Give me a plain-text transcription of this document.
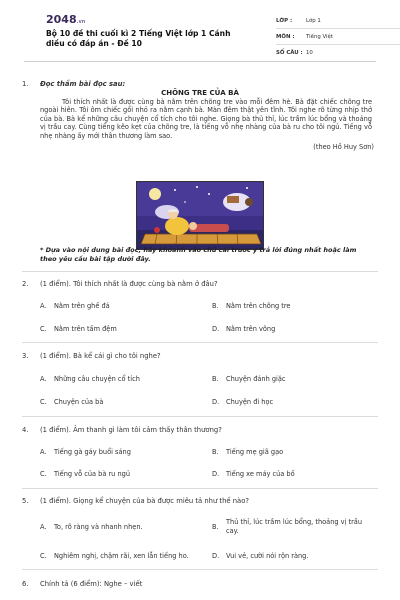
2048.vn
Bộ 10 đề thi cuối kì 2 Tiếng Việt lớp 1 Cánh diều có đáp án - Đề 10
LỚP :	Lớp 1
MÔN :	Tiếng Việt
SỐ CÂU : 10
1. Đọc thầm bài đọc sau:
CHÕNG TRE CỦA BÀ
Tôi thích nhất là được cùng bà nằm trên chõng tre vào mỗi đêm hè. Bà đặt chiếc chõng tre ngoài hiên. Tôi ôm chiếc gối nhỏ ra nằm cạnh bà. Màn đêm thật yên tĩnh. Tôi nghe rõ từng nhịp thở của bà. Bà kể những câu chuyện cổ tích cho tôi nghe. Giọng bà thủ thỉ, lúc trầm lúc bổng và thoảng vị trầu cay. Cùng tiếng kẽo kẹt của chõng tre, là tiếng vỗ nhẹ nhàng của bà ru cho tôi ngủ. Tiếng vỗ nhẹ nhàng ấy mới thân thương làm sao.
(theo Hồ Huy Sơn)
* Dựa vào nội dung bài đọc, hãy khoanh vào chữ cái trước ý trả lời đúng nhất hoặc làm theo yêu cầu bài tập dưới đây.
2. (1 điểm). Tôi thích nhất là được cùng bà nằm ở đâu?
A. Nằm trên ghế đá	B. Nằm trên chõng tre
C. Nằm trên tấm đệm	D. Nằm trên võng
3. (1 điểm). Bà kể cái gì cho tôi nghe?
A. Những câu chuyện cổ tích	B. Chuyện đánh giặc
C. Chuyện của bà	D. Chuyện đi học
4. (1 điểm). Âm thanh gì làm tôi cảm thấy thân thương?
A. Tiếng gà gáy buổi sáng	B. Tiếng mẹ giã gạo
C. Tiếng vỗ của bà ru ngủ	D. Tiếng xe máy của bố
5. (1 điểm). Giọng kể chuyện của bà được miêu tả như thế nào?
A. To, rõ ràng và nhanh nhẹn.	B.
Thủ thỉ, lúc trầm lúc bổng, thoảng vị trầu cay.
C. Nghiêm nghị, chậm rãi, xen lẫn tiếng ho.	D. Vui vẻ, cười nói rộn ràng.
6. Chính tả (6 điểm): Nghe – viết
